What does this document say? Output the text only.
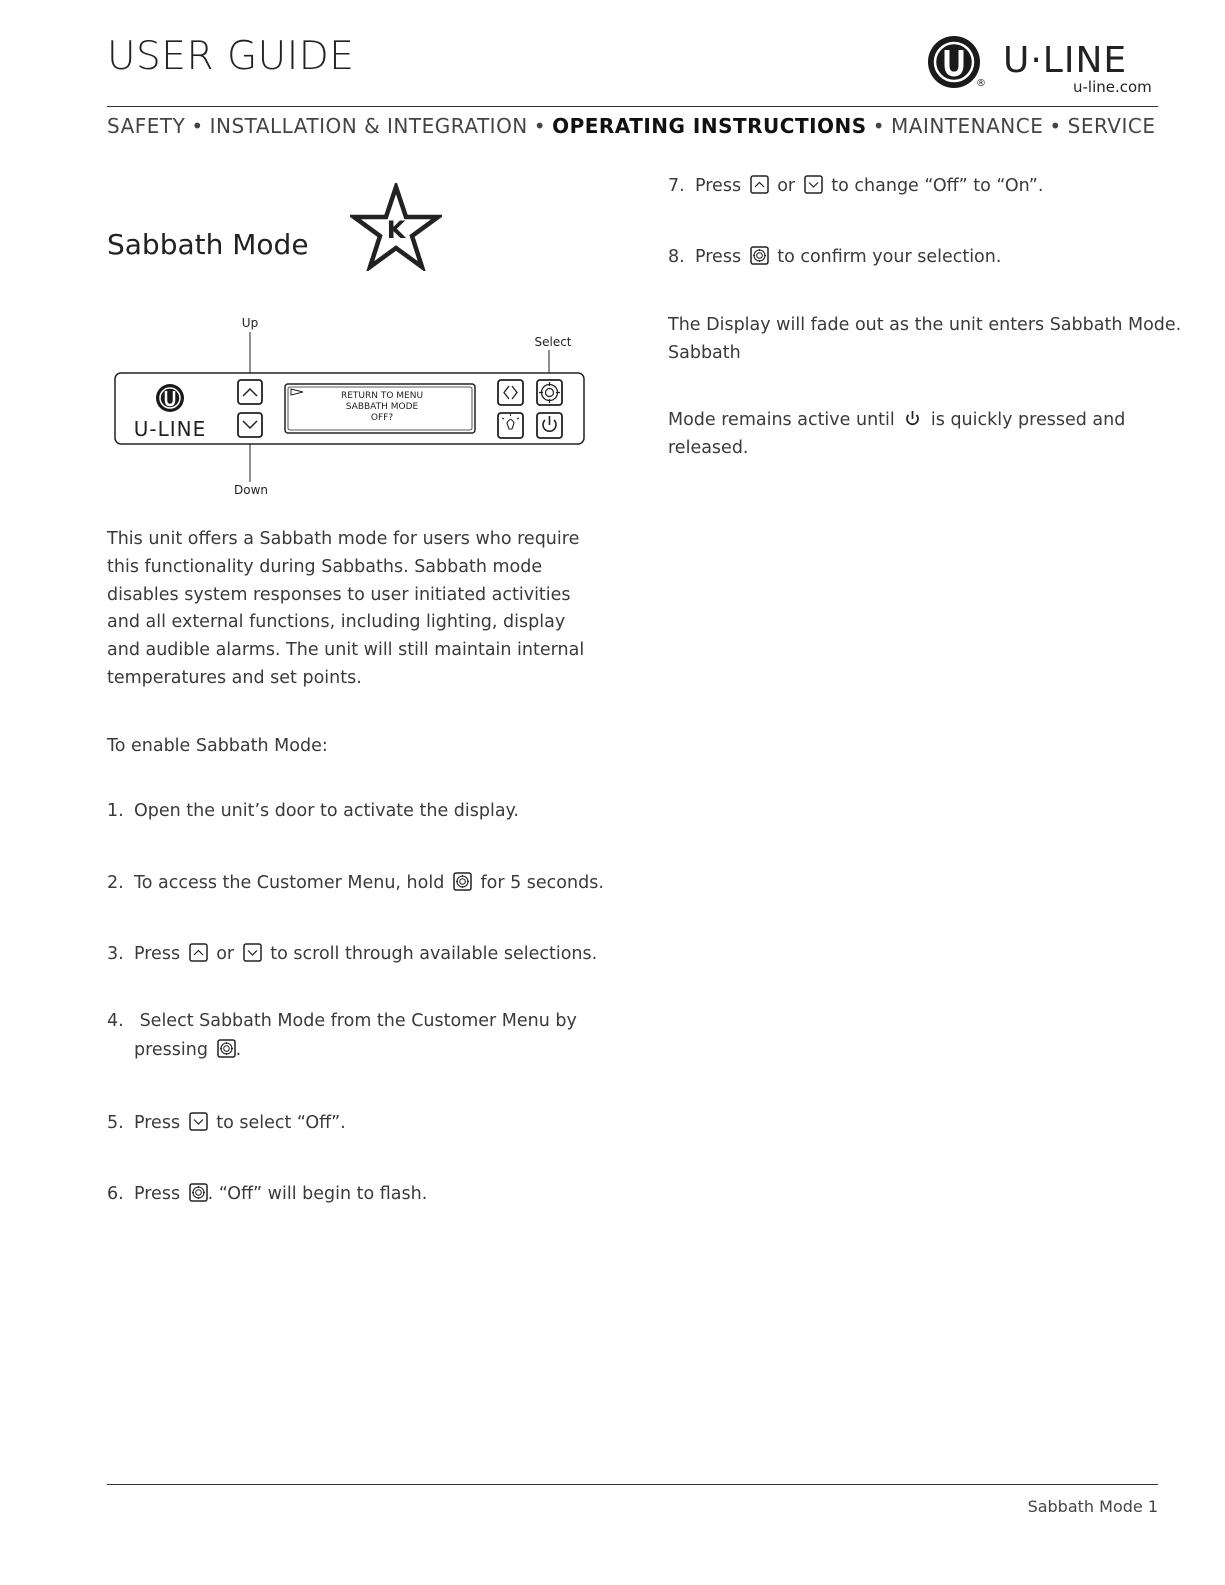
USER GUIDE	U·LINE
®	u-line.com
SAFETY • INSTALLATION & INTEGRATION • OPERATING INSTRUCTIONS • MAINTENANCE • SERVICE
Sabbath Mode	K
Up
Select
U-LINE
RETURN TO MENU
SABBATH MODE
OFF?
Down
This unit offers a Sabbath mode for users who require this functionality during Sabbaths. Sabbath mode disables system responses to user initiated activities and all external functions, including lighting, display and audible alarms. The unit will still maintain internal temperatures and set points.
To enable Sabbath Mode:
1. Open the unit’s door to activate the display.
2. To access the Customer Menu, hold for 5 seconds.
3. Press or to scroll through available selections.
4. Select Sabbath Mode from the Customer Menu by
pressing .
5. Press to select “Off”.
6. Press . “Off” will begin to flash.
7. Press or to change “Off” to “On”.
8. Press to confirm your selection.
The Display will fade out as the unit enters Sabbath Mode.
Sabbath
Mode remains active until is quickly pressed and
released.
Sabbath Mode 1
